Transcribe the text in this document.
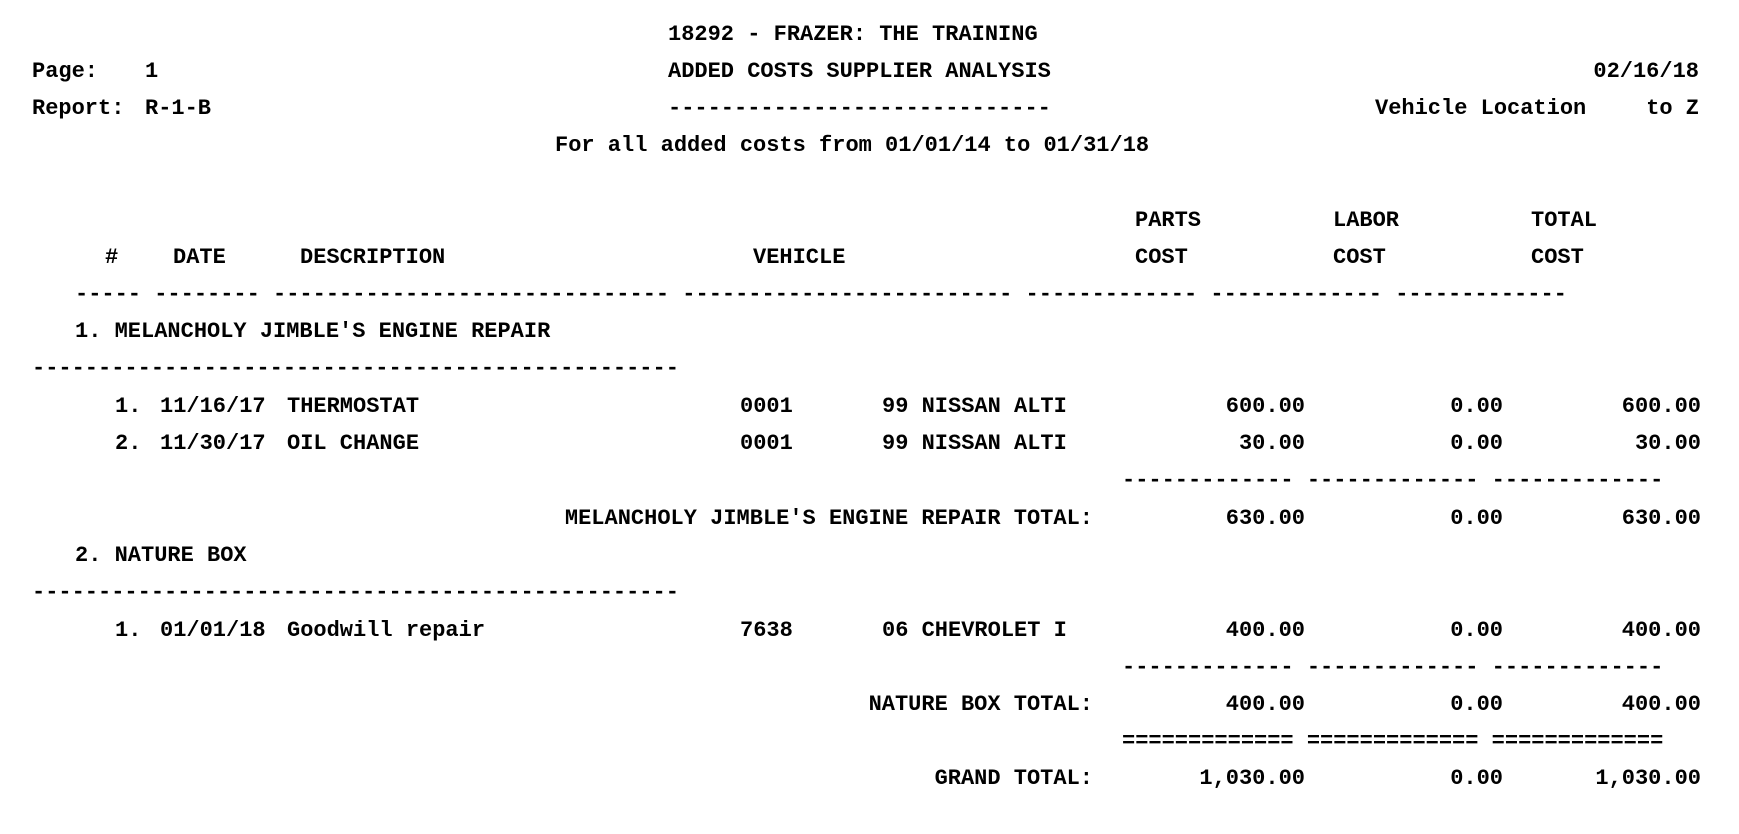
18292 - FRAZER: THE TRAINING
Page: 1	ADDED COSTS SUPPLIER ANALYSIS	02/16/18
Report: R-1-B	-----------------------------	Vehicle Location	to Z
For all added costs from 01/01/14 to 01/31/18
PARTS	LABOR	TOTAL
# DATE	DESCRIPTION	VEHICLE	COST	COST	COST
----- -------- ------------------------------ ------------------------- ------------- ------------- -------------
1. MELANCHOLY JIMBLE'S ENGINE REPAIR
-------------------------------------------------
1. 11/16/17 THERMOSTAT	0001	99 NISSAN ALTI	600.00	0.00	600.00
2. 11/30/17 OIL CHANGE	0001	99 NISSAN ALTI	30.00	0.00	30.00
------------- ------------- -------------
MELANCHOLY JIMBLE'S ENGINE REPAIR TOTAL:	630.00	0.00	630.00
2. NATURE BOX
-------------------------------------------------
1. 01/01/18 Goodwill repair	7638	06 CHEVROLET I	400.00	0.00	400.00
------------- ------------- -------------
NATURE BOX TOTAL:	400.00	0.00	400.00
============= ============= =============
GRAND TOTAL:	1,030.00	0.00	1,030.00
